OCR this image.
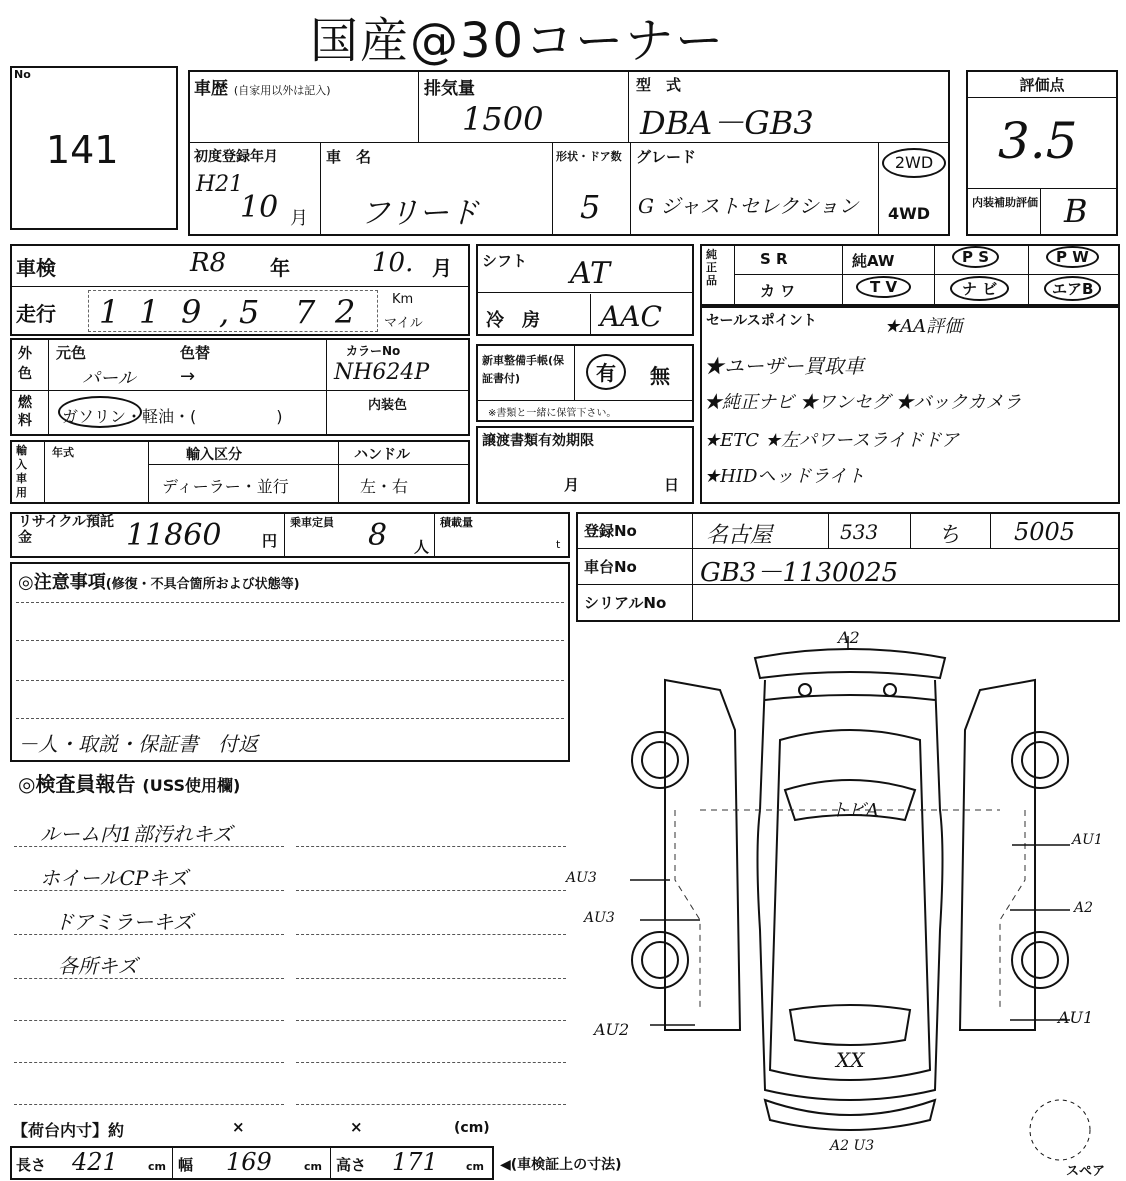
国産@30コーナー
No
141
車歴 (自家用以外は記入)	排気量
1500
型　式
DBA－GB3
初度登録年月
H21
10 月
車　名
フリード
形状・ドア数
5
グレード
G ジャストセレクション
2WD
4WD
評価点
3.5
内装補助評価 B
車検	R8 年	10. 月
走行 1 1 9 , 5 7 2	Km
マイル
シフト AT
冷　房 AAC
純正品
S R	純AW	P S	P W
カ ワ	T V	ナ ビ	エアB
外色
元色	色替
パール →
カラーNo
NH624P
燃料	ガソリン・軽油・(　　　　　)
内装色
新車整備手帳(保証書付)	有	無
※書類と一緒に保管下さい。
セールスポイント	★AA評価
★ユーザー買取車
★純正ナビ ★ワンセグ ★バックカメラ
★ETC ★左パワースライドドア
★HIDヘッドライト
輸入車用
年式	輸入区分
ディーラー・並行
ハンドル
左・右
譲渡書類有効期限
月	日
リサイクル預託金	11860	円
乗車定員 8 人
積載量
t
登録No	名古屋	533	ち 5005
車台No GB3－1130025
シリアルNo
◎注意事項(修復・不具合箇所および状態等)
－人・取説・保証書　付返
◎検査員報告 (USS使用欄)
ルーム内1部汚れキズ
ホイールCPキズ
ドアミラーキズ
各所キズ
【荷台内寸】約	×	×	(cm)
長さ 421	cm 幅 169	cm 高さ 171	cm ◀(車検証上の寸法)
A2
トビA
AU1
A2
AU1
AU3
AU3
AU2
XX
A2 U3
スペア
